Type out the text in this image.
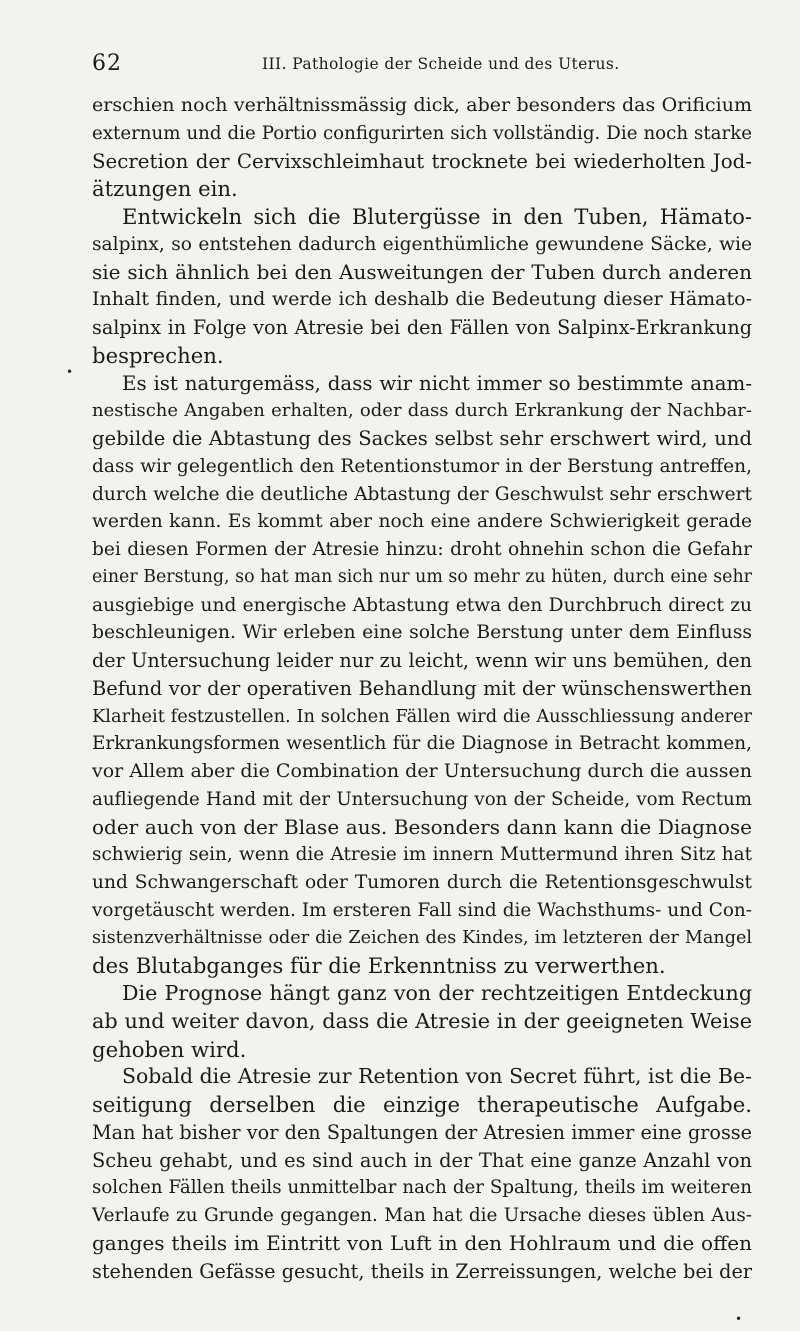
62	III. Pathologie der Scheide und des Uterus.
erschien noch verhältnissmässig dick, aber besonders das Orificium
externum und die Portio configurirten sich vollständig. Die noch starke
Secretion der Cervixschleimhaut trocknete bei wiederholten Jod-
ätzungen ein.
Entwickeln sich die Blutergüsse in den Tuben, Hämato-
salpinx, so entstehen dadurch eigenthümliche gewundene Säcke, wie
sie sich ähnlich bei den Ausweitungen der Tuben durch anderen
Inhalt finden, und werde ich deshalb die Bedeutung dieser Hämato-
salpinx in Folge von Atresie bei den Fällen von Salpinx-Erkrankung
besprechen.
Es ist naturgemäss, dass wir nicht immer so bestimmte anam-
nestische Angaben erhalten, oder dass durch Erkrankung der Nachbar-
gebilde die Abtastung des Sackes selbst sehr erschwert wird, und
dass wir gelegentlich den Retentionstumor in der Berstung antreffen,
durch welche die deutliche Abtastung der Geschwulst sehr erschwert
werden kann. Es kommt aber noch eine andere Schwierigkeit gerade
bei diesen Formen der Atresie hinzu: droht ohnehin schon die Gefahr
einer Berstung, so hat man sich nur um so mehr zu hüten, durch eine sehr
ausgiebige und energische Abtastung etwa den Durchbruch direct zu
beschleunigen. Wir erleben eine solche Berstung unter dem Einfluss
der Untersuchung leider nur zu leicht, wenn wir uns bemühen, den
Befund vor der operativen Behandlung mit der wünschenswerthen
Klarheit festzustellen. In solchen Fällen wird die Ausschliessung anderer
Erkrankungsformen wesentlich für die Diagnose in Betracht kommen,
vor Allem aber die Combination der Untersuchung durch die aussen
aufliegende Hand mit der Untersuchung von der Scheide, vom Rectum
oder auch von der Blase aus. Besonders dann kann die Diagnose
schwierig sein, wenn die Atresie im innern Muttermund ihren Sitz hat
und Schwangerschaft oder Tumoren durch die Retentionsgeschwulst
vorgetäuscht werden. Im ersteren Fall sind die Wachsthums- und Con-
sistenzverhältnisse oder die Zeichen des Kindes, im letzteren der Mangel
des Blutabganges für die Erkenntniss zu verwerthen.
Die Prognose hängt ganz von der rechtzeitigen Entdeckung
ab und weiter davon, dass die Atresie in der geeigneten Weise
gehoben wird.
Sobald die Atresie zur Retention von Secret führt, ist die Be-
seitigung derselben die einzige therapeutische Aufgabe.
Man hat bisher vor den Spaltungen der Atresien immer eine grosse
Scheu gehabt, und es sind auch in der That eine ganze Anzahl von
solchen Fällen theils unmittelbar nach der Spaltung, theils im weiteren
Verlaufe zu Grunde gegangen. Man hat die Ursache dieses üblen Aus-
ganges theils im Eintritt von Luft in den Hohlraum und die offen
stehenden Gefässe gesucht, theils in Zerreissungen, welche bei der
•
•
